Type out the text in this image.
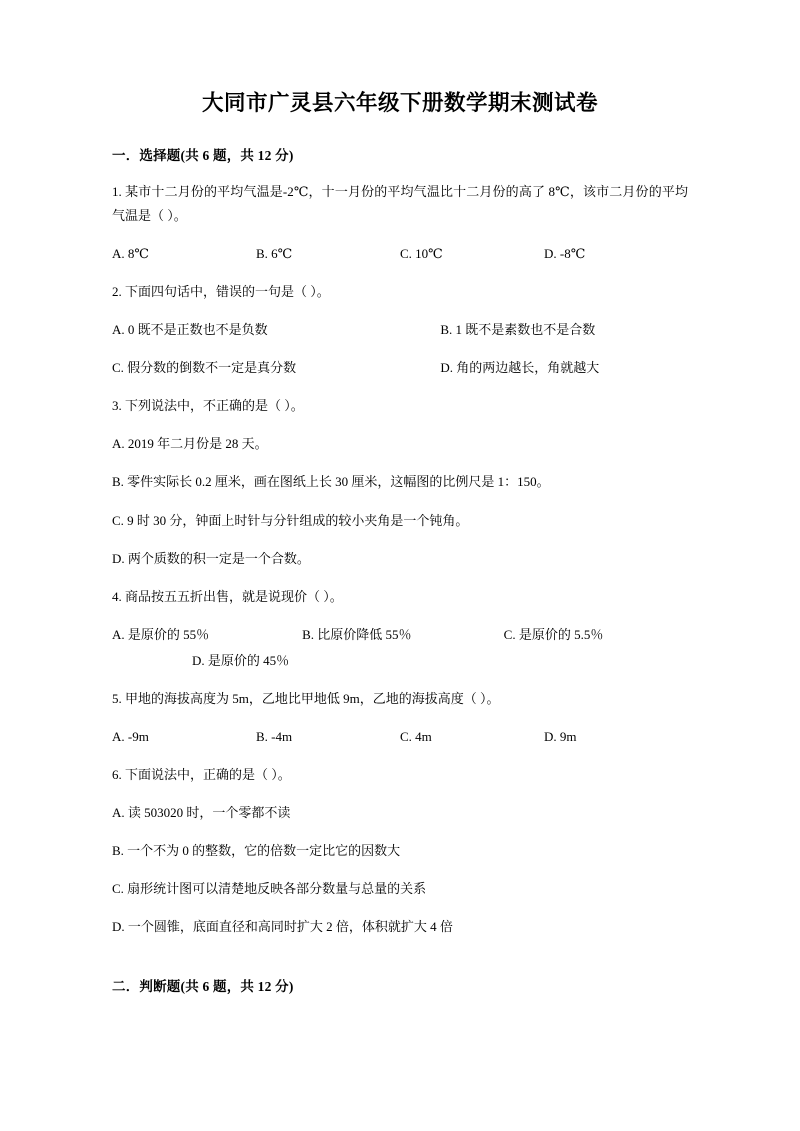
大同市广灵县六年级下册数学期末测试卷
一．选择题(共 6 题，共 12 分)

1. 某市十二月份的平均气温是-2℃，十一月份的平均气温比十二月份的高了 8℃，该市二月份的平均气温是（ ）。

A. 8℃	B. 6℃	C. 10℃	D. -8℃

2. 下面四句话中，错误的一句是（ ）。

A. 0 既不是正数也不是负数	B. 1 既不是素数也不是合数
C. 假分数的倒数不一定是真分数	D. 角的两边越长，角就越大

3. 下列说法中，不正确的是（ ）。

A. 2019 年二月份是 28 天。

B. 零件实际长 0.2 厘米，画在图纸上长 30 厘米，这幅图的比例尺是 1：150。

C. 9 时 30 分，钟面上时针与分针组成的较小夹角是一个钝角。

D. 两个质数的积一定是一个合数。

4. 商品按五五折出售，就是说现价（ ）。

A. 是原价的 55％	B. 比原价降低 55％	C. 是原价的 5.5％

D. 是原价的 45％

5. 甲地的海拔高度为 5m，乙地比甲地低 9m，乙地的海拔高度（ ）。

A. -9m	B. -4m	C. 4m	D. 9m

6. 下面说法中，正确的是（ ）。

A. 读 503020 时，一个零都不读

B. 一个不为 0 的整数，它的倍数一定比它的因数大

C. 扇形统计图可以清楚地反映各部分数量与总量的关系

D. 一个圆锥，底面直径和高同时扩大 2 倍，体积就扩大 4 倍

二．判断题(共 6 题，共 12 分)
